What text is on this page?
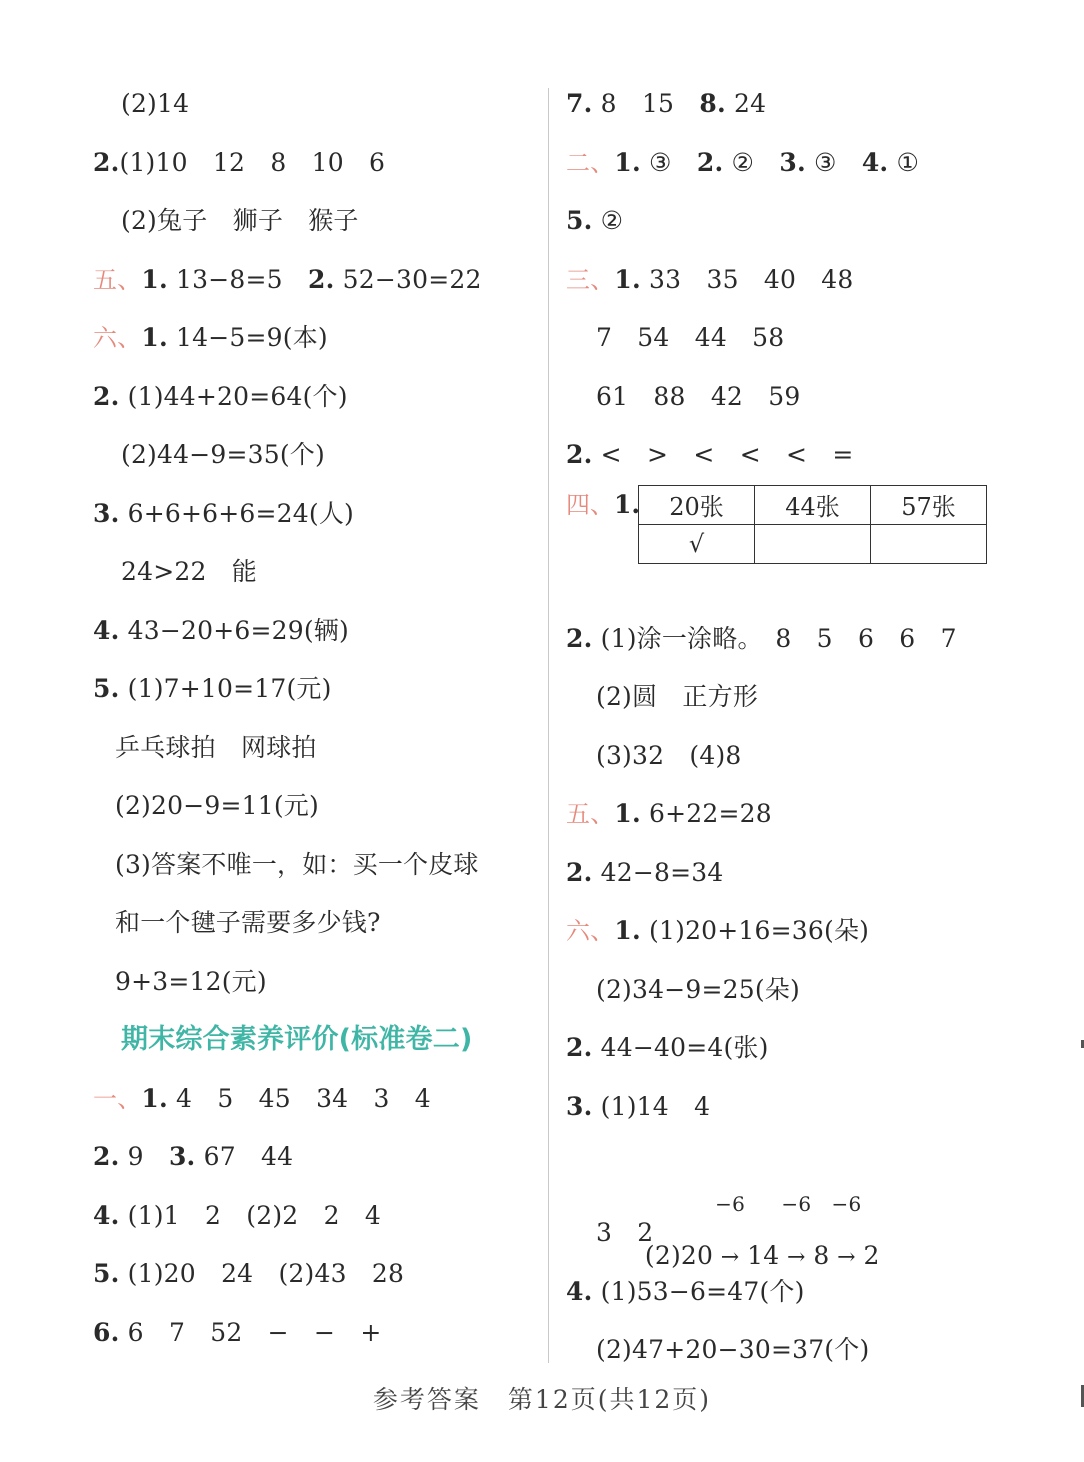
(2)14
2.(1)10　12　8　10　6
(2)兔子　狮子　猴子
五、1. 13−8=5　2. 52−30=22
六、1. 14−5=9(本)
2. (1)44+20=64(个)
(2)44−9=35(个)
3. 6+6+6+6=24(人)
24>22　能
4. 43−20+6=29(辆)
5. (1)7+10=17(元)
乒乓球拍　网球拍
(2)20−9=11(元)
(3)答案不唯一，如：买一个皮球
和一个毽子需要多少钱?
9+3=12(元)
期末综合素养评价(标准卷二)
一、1. 4　5　45　34　3　4
2. 9　3. 67　44
4. (1)1　2　(2)2　2　4
5. (1)20　24　(2)43　28
6. 6　7　52　−　−　+
7. 8　15　8. 24
二、1. ③　2. ②　3. ③　4. ①
5. ②
三、1. 33　35　40　48
7　54　44　58
61　88　42　59
2. <　>　<　<　<　=
四、1. 20张	44张	57张
√		
2. (1)涂一涂略。　8　5　6　6　7
(2)圆　正方形
(3)32　(4)8
五、1. 6+22=28
2. 42−8=34
六、1. (1)20+16=36(朵)
(2)34−9=25(朵)
2. 44−40=4(张)
3. (1)14　4

(2)20
−6
→ 14
−6
→ 8
−6
→ 2

3　2
4. (1)53−6=47(个)
(2)47+20−30=37(个)
参考答案　第12页(共12页)
